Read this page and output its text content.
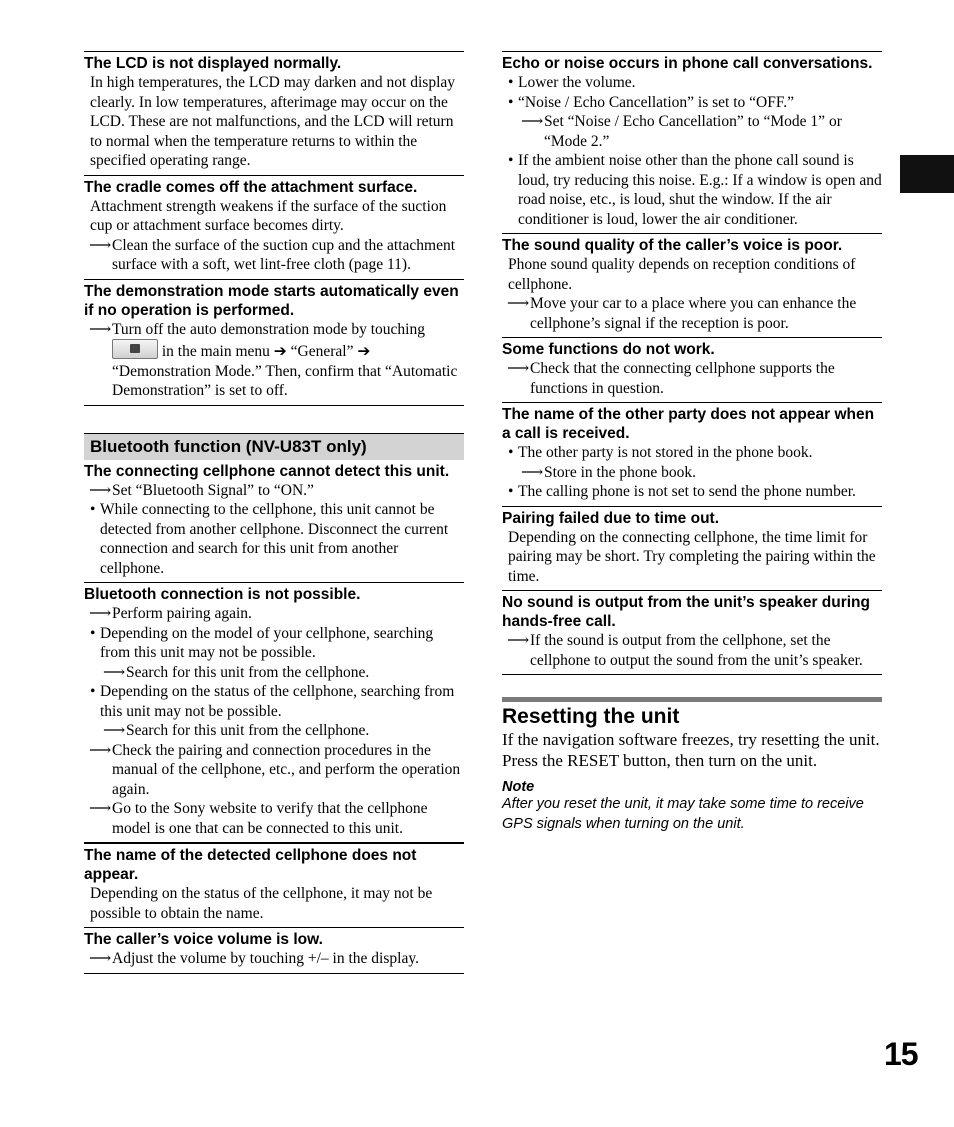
The LCD is not displayed normally.

In high temperatures, the LCD may darken and not display clearly. In low temperatures, afterimage may occur on the LCD. These are not malfunctions, and the LCD will return to normal when the temperature returns to within the specified operating range.

The cradle comes off the attachment surface.

Attachment strength weakens if the surface of the suction cup or attachment surface becomes dirty.

⟶ Clean the surface of the suction cup and the attachment surface with a soft, wet lint-free cloth (page 11).

The demonstration mode starts automatically even if no operation is performed.

⟶ Turn off the auto demonstration mode by touching
in the main menu ➔ “General” ➔ “Demonstration Mode.” Then, confirm that “Automatic Demonstration” is set to off.

Bluetooth function (NV-U83T only)

The connecting cellphone cannot detect this unit.

⟶ Set “Bluetooth Signal” to “ON.”

• While connecting to the cellphone, this unit cannot be detected from another cellphone. Disconnect the current connection and search for this unit from another cellphone.

Bluetooth connection is not possible.

⟶ Perform pairing again.

• Depending on the model of your cellphone, searching from this unit may not be possible.

⟶ Search for this unit from the cellphone.

• Depending on the status of the cellphone, searching from this unit may not be possible.

⟶ Search for this unit from the cellphone.

⟶ Check the pairing and connection procedures in the manual of the cellphone, etc., and perform the operation again.

⟶ Go to the Sony website to verify that the cellphone model is one that can be connected to this unit.

The name of the detected cellphone does not appear.

Depending on the status of the cellphone, it may not be possible to obtain the name.

The caller’s voice volume is low.

⟶ Adjust the volume by touching +/– in the display.

Echo or noise occurs in phone call conversations.

• Lower the volume.

• “Noise / Echo Cancellation” is set to “OFF.”

⟶ Set “Noise / Echo Cancellation” to “Mode 1” or “Mode 2.”

• If the ambient noise other than the phone call sound is loud, try reducing this noise. E.g.: If a window is open and road noise, etc., is loud, shut the window. If the air conditioner is loud, lower the air conditioner.

The sound quality of the caller’s voice is poor.

Phone sound quality depends on reception conditions of cellphone.

⟶ Move your car to a place where you can enhance the cellphone’s signal if the reception is poor.

Some functions do not work.

⟶ Check that the connecting cellphone supports the functions in question.

The name of the other party does not appear when a call is received.

• The other party is not stored in the phone book.

⟶ Store in the phone book.

• The calling phone is not set to send the phone number.

Pairing failed due to time out.

Depending on the connecting cellphone, the time limit for pairing may be short. Try completing the pairing within the time.

No sound is output from the unit’s speaker during hands-free call.

⟶ If the sound is output from the cellphone, set the cellphone to output the sound from the unit’s speaker.

Resetting the unit

If the navigation software freezes, try resetting the unit.

Press the RESET button, then turn on the unit.

Note

After you reset the unit, it may take some time to receive GPS signals when turning on the unit.

15
